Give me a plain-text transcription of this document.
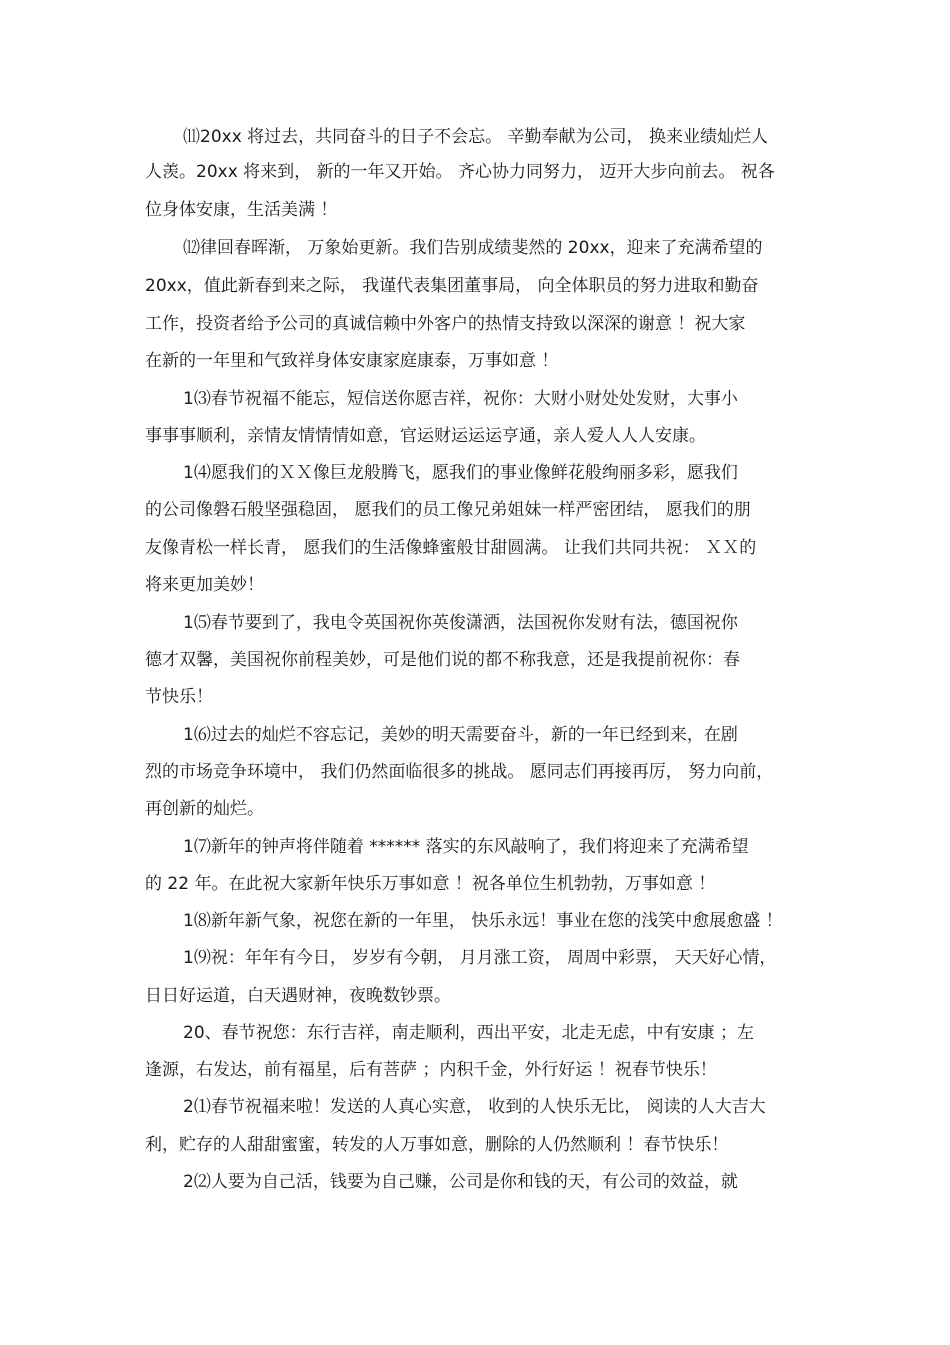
⑾20xx 将过去，共同奋斗的日子不会忘。 辛勤奉献为公司， 换来业绩灿烂人
人羡。20xx 将来到， 新的一年又开始。 齐心协力同努力， 迈开大步向前去。 祝各
位身体安康，生活美满 ！
⑿律回春晖渐， 万象始更新。我们告别成绩斐然的 20xx，迎来了充满希望的
20xx，值此新春到来之际， 我谨代表集团董事局， 向全体职员的努力进取和勤奋
工作，投资者给予公司的真诚信赖中外客户的热情支持致以深深的谢意 ！祝大家
在新的一年里和气致祥身体安康家庭康泰，万事如意 ！
1⑶春节祝福不能忘，短信送你愿吉祥，祝你：大财小财处处发财，大事小
事事事顺利，亲情友情情情如意，官运财运运运亨通，亲人爱人人人安康。
1⑷愿我们的ＸＸ像巨龙般腾飞，愿我们的事业像鲜花般绚丽多彩，愿我们
的公司像磐石般坚强稳固， 愿我们的员工像兄弟姐妹一样严密团结， 愿我们的朋
友像青松一样长青， 愿我们的生活像蜂蜜般甘甜圆满。 让我们共同共祝： ＸＸ的
将来更加美妙！
1⑸春节要到了，我电令英国祝你英俊潇洒，法国祝你发财有法，德国祝你
德才双馨，美国祝你前程美妙，可是他们说的都不称我意，还是我提前祝你：春
节快乐！
1⑹过去的灿烂不容忘记，美妙的明天需要奋斗，新的一年已经到来，在剧
烈的市场竞争环境中， 我们仍然面临很多的挑战。 愿同志们再接再厉， 努力向前，
再创新的灿烂。
1⑺新年的钟声将伴随着 ****** 落实的东风敲响了，我们将迎来了充满希望
的 22 年。在此祝大家新年快乐万事如意 ！祝各单位生机勃勃，万事如意 ！
1⑻新年新气象，祝您在新的一年里， 快乐永远！事业在您的浅笑中愈展愈盛 ！
1⑼祝：年年有今日， 岁岁有今朝， 月月涨工资， 周周中彩票， 天天好心情，
日日好运道，白天遇财神，夜晚数钞票。
20、春节祝您：东行吉祥，南走顺利，西出平安，北走无虑，中有安康 ；左
逢源，右发达，前有福星，后有菩萨 ；内积千金，外行好运 ！祝春节快乐！
2⑴春节祝福来啦！发送的人真心实意， 收到的人快乐无比， 阅读的人大吉大
利，贮存的人甜甜蜜蜜，转发的人万事如意，删除的人仍然顺利 ！春节快乐！
2⑵人要为自己活，钱要为自己赚，公司是你和钱的天，有公司的效益，就
